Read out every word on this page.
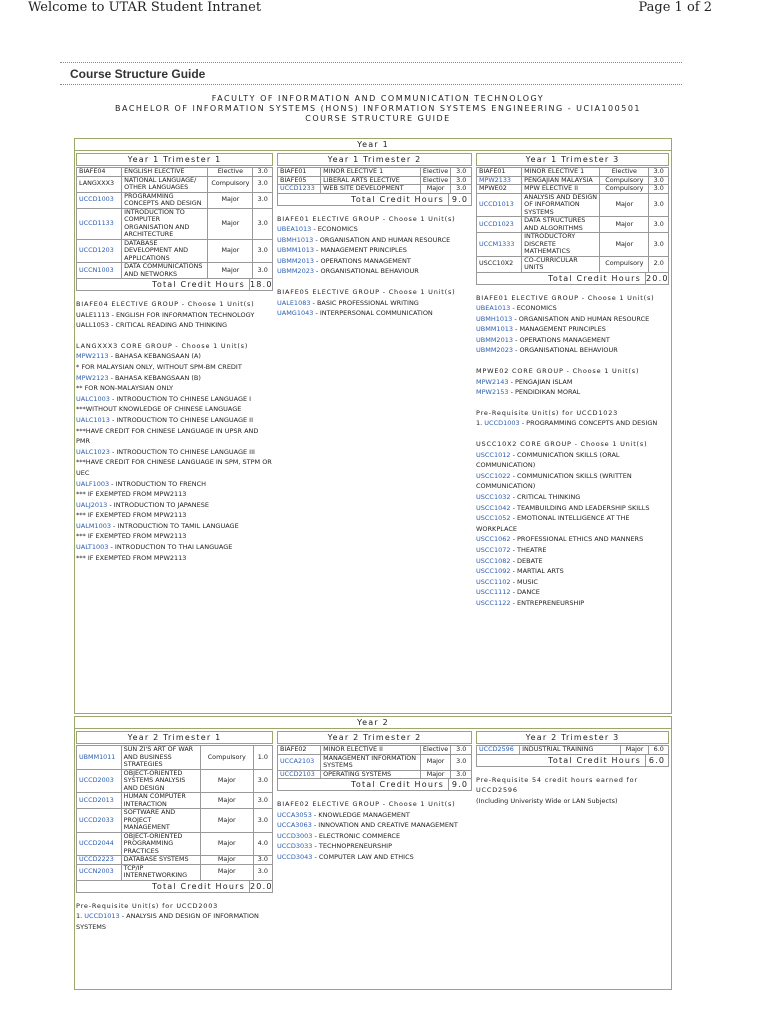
Welcome to UTAR Student Intranet	Page 1 of 2
Course Structure Guide
FACULTY OF INFORMATION AND COMMUNICATION TECHNOLOGY
BACHELOR OF INFORMATION SYSTEMS (HONS) INFORMATION SYSTEMS ENGINEERING - UCIA100501
COURSE STRUCTURE GUIDE
Year 1
Year 1 Trimester 1
BIAFE04	ENGLISH ELECTIVE	Elective	3.0
LANGXXX3	NATIONAL LANGUAGE/ OTHER LANGUAGES	Compulsory	3.0
UCCD1003	PROGRAMMING CONCEPTS AND DESIGN	Major	3.0
UCCD1133	INTRODUCTION TO COMPUTER ORGANISATION AND ARCHITECTURE	Major	3.0
UCCD1203	DATABASE DEVELOPMENT AND APPLICATIONS	Major	3.0
UCCN1003	DATA COMMUNICATIONS AND NETWORKS	Major	3.0
Total Credit Hours 18.0
BIAFE04 ELECTIVE GROUP - Choose 1 Unit(s)
UALE1113 - ENGLISH FOR INFORMATION TECHNOLOGY
UALL1053 - CRITICAL READING AND THINKING
LANGXXX3 CORE GROUP - Choose 1 Unit(s)
MPW2113 - BAHASA KEBANGSAAN (A)
* FOR MALAYSIAN ONLY, WITHOUT SPM-BM CREDIT
MPW2123 - BAHASA KEBANGSAAN (B)
** FOR NON-MALAYSIAN ONLY
UALC1003 - INTRODUCTION TO CHINESE LANGUAGE I
***WITHOUT KNOWLEDGE OF CHINESE LANGUAGE
UALC1013 - INTRODUCTION TO CHINESE LANGUAGE II
***HAVE CREDIT FOR CHINESE LANGUAGE IN UPSR AND PMR
UALC1023 - INTRODUCTION TO CHINESE LANGUAGE III
***HAVE CREDIT FOR CHINESE LANGUAGE IN SPM, STPM OR UEC
UALF1003 - INTRODUCTION TO FRENCH
*** IF EXEMPTED FROM MPW2113
UALJ2013 - INTRODUCTION TO JAPANESE
*** IF EXEMPTED FROM MPW2113
UALM1003 - INTRODUCTION TO TAMIL LANGUAGE
*** IF EXEMPTED FROM MPW2113
UALT1003 - INTRODUCTION TO THAI LANGUAGE
*** IF EXEMPTED FROM MPW2113
Year 1 Trimester 2
BIAFE01	MINOR ELECTIVE 1	Elective	3.0
BIAFE05	LIBERAL ARTS ELECTIVE	Elective	3.0
UCCD1233	WEB SITE DEVELOPMENT	Major	3.0
Total Credit Hours 9.0
BIAFE01 ELECTIVE GROUP - Choose 1 Unit(s)
UBEA1013 - ECONOMICS
UBMH1013 - ORGANISATION AND HUMAN RESOURCE
UBMM1013 - MANAGEMENT PRINCIPLES
UBMM2013 - OPERATIONS MANAGEMENT
UBMM2023 - ORGANISATIONAL BEHAVIOUR
BIAFE05 ELECTIVE GROUP - Choose 1 Unit(s)
UALE1083 - BASIC PROFESSIONAL WRITING
UAMG1043 - INTERPERSONAL COMMUNICATION
Year 1 Trimester 3
BIAFE01	MINOR ELECTIVE 1	Elective	3.0
MPW2133	PENGAJIAN MALAYSIA	Compulsory	3.0
MPWE02	MPW ELECTIVE II	Compulsory	3.0
UCCD1013	ANALYSIS AND DESIGN OF INFORMATION SYSTEMS	Major	3.0
UCCD1023	DATA STRUCTURES AND ALGORITHMS	Major	3.0
UCCM1333	INTRODUCTORY DISCRETE MATHEMATICS	Major	3.0
USCC10X2	CO-CURRICULAR UNITS	Compulsory	2.0
Total Credit Hours 20.0
BIAFE01 ELECTIVE GROUP - Choose 1 Unit(s)
UBEA1013 - ECONOMICS
UBMH1013 - ORGANISATION AND HUMAN RESOURCE
UBMM1013 - MANAGEMENT PRINCIPLES
UBMM2013 - OPERATIONS MANAGEMENT
UBMM2023 - ORGANISATIONAL BEHAVIOUR
MPWE02 CORE GROUP - Choose 1 Unit(s)
MPW2143 - PENGAJIAN ISLAM
MPW2153 - PENDIDIKAN MORAL
Pre-Requisite Unit(s) for UCCD1023
1. UCCD1003 - PROGRAMMING CONCEPTS AND DESIGN
USCC10X2 CORE GROUP - Choose 1 Unit(s)
USCC1012 - COMMUNICATION SKILLS (ORAL COMMUNICATION)
USCC1022 - COMMUNICATION SKILLS (WRITTEN COMMUNICATION)
USCC1032 - CRITICAL THINKING
USCC1042 - TEAMBUILDING AND LEADERSHIP SKILLS
USCC1052 - EMOTIONAL INTELLIGENCE AT THE WORKPLACE
USCC1062 - PROFESSIONAL ETHICS AND MANNERS
USCC1072 - THEATRE
USCC1082 - DEBATE
USCC1092 - MARTIAL ARTS
USCC1102 - MUSIC
USCC1112 - DANCE
USCC1122 - ENTREPRENEURSHIP
Year 2
Year 2 Trimester 1
UBMM1011	SUN ZI'S ART OF WAR AND BUSINESS STRATEGIES	Compulsory	1.0
UCCD2003	OBJECT-ORIENTED SYSTEMS ANALYSIS AND DESIGN	Major	3.0
UCCD2013	HUMAN COMPUTER INTERACTION	Major	3.0
UCCD2033	SOFTWARE AND PROJECT MANAGEMENT	Major	3.0
UCCD2044	OBJECT-ORIENTED PROGRAMMING PRACTICES	Major	4.0
UCCD2223	DATABASE SYSTEMS	Major	3.0
UCCN2003	TCP/IP INTERNETWORKING	Major	3.0
Total Credit Hours 20.0
Pre-Requisite Unit(s) for UCCD2003
1. UCCD1013 - ANALYSIS AND DESIGN OF INFORMATION SYSTEMS
Year 2 Trimester 2
BIAFE02	MINOR ELECTIVE II	Elective	3.0
UCCA2103	MANAGEMENT INFORMATION SYSTEMS	Major	3.0
UCCD2103	OPERATING SYSTEMS	Major	3.0
Total Credit Hours 9.0
BIAFE02 ELECTIVE GROUP - Choose 1 Unit(s)
UCCA3053 - KNOWLEDGE MANAGEMENT
UCCA3063 - INNOVATION AND CREATIVE MANAGEMENT
UCCD3003 - ELECTRONIC COMMERCE
UCCD3033 - TECHNOPRENEURSHIP
UCCD3043 - COMPUTER LAW AND ETHICS
Year 2 Trimester 3
UCCD2596	INDUSTRIAL TRAINING	Major	6.0
Total Credit Hours 6.0
Pre-Requisite 54 credit hours earned for UCCD2596
(Including Univeristy Wide or LAN Subjects)
